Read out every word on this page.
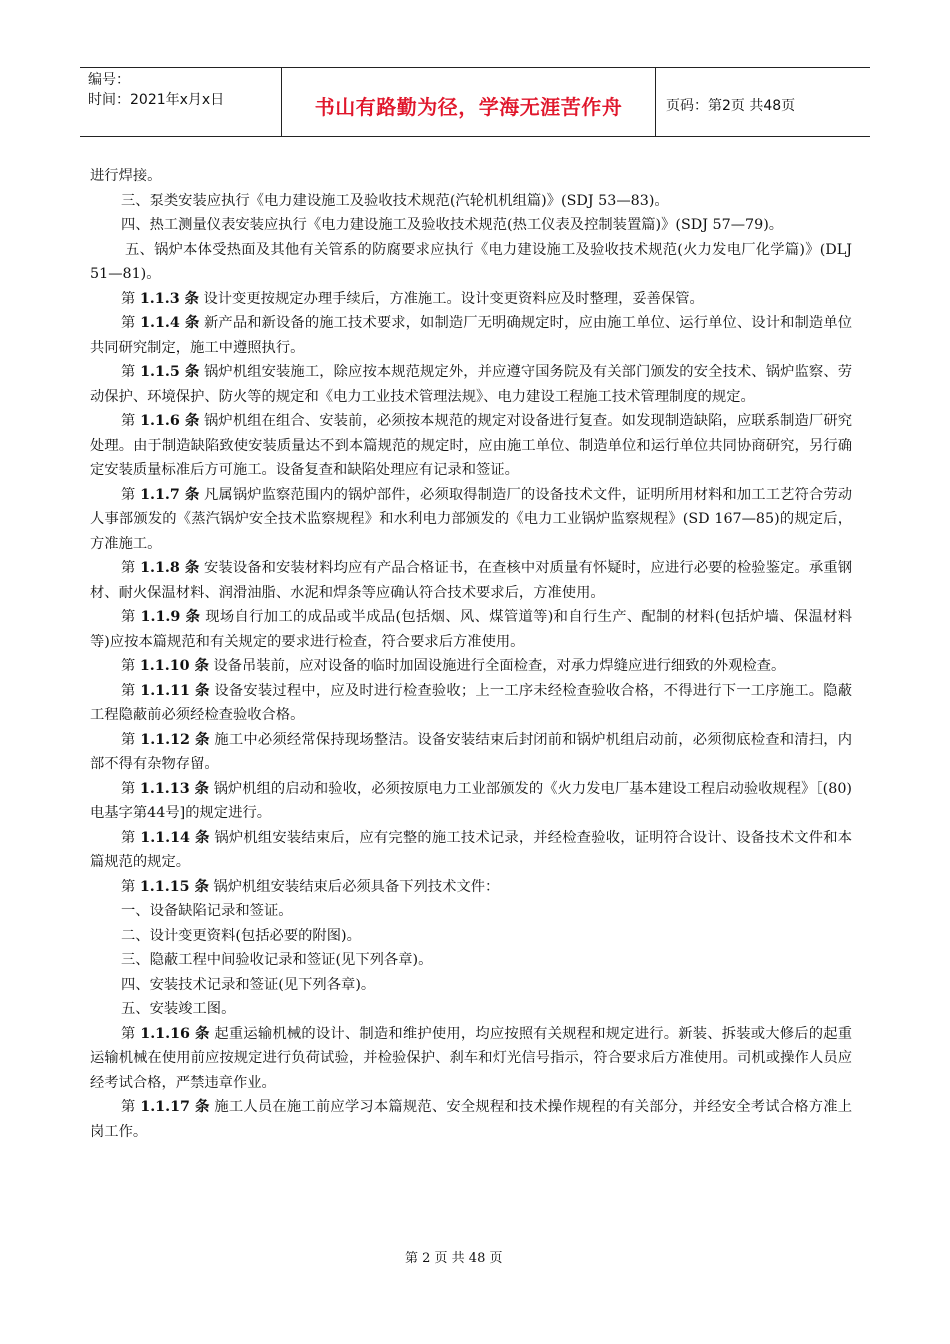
编号：
时间：2021年x月x日	书山有路勤为径，学海无涯苦作舟	页码：第2页 共48页

进行焊接。

三、泵类安装应执行《电力建设施工及验收技术规范(汽轮机机组篇)》(SDJ 53—83)。

四、热工测量仪表安装应执行《电力建设施工及验收技术规范(热工仪表及控制装置篇)》(SDJ 57—79)。

五、锅炉本体受热面及其他有关管系的防腐要求应执行《电力建设施工及验收技术规范(火力发电厂化学篇)》(DLJ 51—81)。

第 1.1.3 条 设计变更按规定办理手续后，方准施工。设计变更资料应及时整理，妥善保管。

第 1.1.4 条 新产品和新设备的施工技术要求，如制造厂无明确规定时，应由施工单位、运行单位、设计和制造单位共同研究制定，施工中遵照执行。

第 1.1.5 条 锅炉机组安装施工，除应按本规范规定外，并应遵守国务院及有关部门颁发的安全技术、锅炉监察、劳动保护、环境保护、防火等的规定和《电力工业技术管理法规》、电力建设工程施工技术管理制度的规定。

第 1.1.6 条 锅炉机组在组合、安装前，必须按本规范的规定对设备进行复查。如发现制造缺陷，应联系制造厂研究处理。由于制造缺陷致使安装质量达不到本篇规范的规定时，应由施工单位、制造单位和运行单位共同协商研究，另行确定安装质量标准后方可施工。设备复查和缺陷处理应有记录和签证。

第 1.1.7 条 凡属锅炉监察范围内的锅炉部件，必须取得制造厂的设备技术文件，证明所用材料和加工工艺符合劳动人事部颁发的《蒸汽锅炉安全技术监察规程》和水利电力部颁发的《电力工业锅炉监察规程》(SD 167—85)的规定后，方准施工。

第 1.1.8 条 安装设备和安装材料均应有产品合格证书，在查核中对质量有怀疑时，应进行必要的检验鉴定。承重钢材、耐火保温材料、润滑油脂、水泥和焊条等应确认符合技术要求后，方准使用。

第 1.1.9 条 现场自行加工的成品或半成品(包括烟、风、煤管道等)和自行生产、配制的材料(包括炉墙、保温材料等)应按本篇规范和有关规定的要求进行检查，符合要求后方准使用。

第 1.1.10 条 设备吊装前，应对设备的临时加固设施进行全面检查，对承力焊缝应进行细致的外观检查。

第 1.1.11 条 设备安装过程中，应及时进行检查验收；上一工序未经检查验收合格，不得进行下一工序施工。隐蔽工程隐蔽前必须经检查验收合格。

第 1.1.12 条 施工中必须经常保持现场整洁。设备安装结束后封闭前和锅炉机组启动前，必须彻底检查和清扫，内部不得有杂物存留。

第 1.1.13 条 锅炉机组的启动和验收，必须按原电力工业部颁发的《火力发电厂基本建设工程启动验收规程》［(80)电基字第44号]的规定进行。

第 1.1.14 条 锅炉机组安装结束后，应有完整的施工技术记录，并经检查验收，证明符合设计、设备技术文件和本篇规范的规定。

第 1.1.15 条 锅炉机组安装结束后必须具备下列技术文件：

一、设备缺陷记录和签证。

二、设计变更资料(包括必要的附图)。

三、隐蔽工程中间验收记录和签证(见下列各章)。

四、安装技术记录和签证(见下列各章)。

五、安装竣工图。

第 1.1.16 条 起重运输机械的设计、制造和维护使用，均应按照有关规程和规定进行。新装、拆装或大修后的起重运输机械在使用前应按规定进行负荷试验，并检验保护、刹车和灯光信号指示，符合要求后方准使用。司机或操作人员应经考试合格，严禁违章作业。

第 1.1.17 条 施工人员在施工前应学习本篇规范、安全规程和技术操作规程的有关部分，并经安全考试合格方准上岗工作。

第 2 页 共 48 页
